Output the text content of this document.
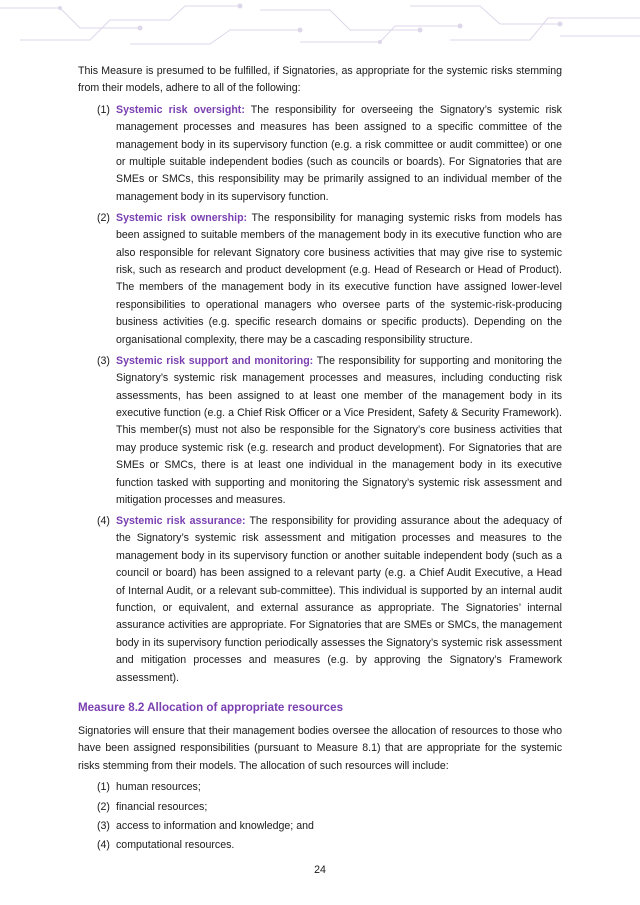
This Measure is presumed to be fulfilled, if Signatories, as appropriate for the systemic risks stemming from their models, adhere to all of the following:

(1) Systemic risk oversight: The responsibility for overseeing the Signatory’s systemic risk management processes and measures has been assigned to a specific committee of the management body in its supervisory function (e.g. a risk committee or audit committee) or one or multiple suitable independent bodies (such as councils or boards). For Signatories that are SMEs or SMCs, this responsibility may be primarily assigned to an individual member of the management body in its supervisory function.

(2) Systemic risk ownership: The responsibility for managing systemic risks from models has been assigned to suitable members of the management body in its executive function who are also responsible for relevant Signatory core business activities that may give rise to systemic risk, such as research and product development (e.g. Head of Research or Head of Product). The members of the management body in its executive function have assigned lower-level responsibilities to operational managers who oversee parts of the systemic-risk-producing business activities (e.g. specific research domains or specific products). Depending on the organisational complexity, there may be a cascading responsibility structure.

(3) Systemic risk support and monitoring: The responsibility for supporting and monitoring the Signatory’s systemic risk management processes and measures, including conducting risk assessments, has been assigned to at least one member of the management body in its executive function (e.g. a Chief Risk Officer or a Vice President, Safety & Security Framework). This member(s) must not also be responsible for the Signatory’s core business activities that may produce systemic risk (e.g. research and product development). For Signatories that are SMEs or SMCs, there is at least one individual in the management body in its executive function tasked with supporting and monitoring the Signatory’s systemic risk assessment and mitigation processes and measures.

(4) Systemic risk assurance: The responsibility for providing assurance about the adequacy of the Signatory’s systemic risk assessment and mitigation processes and measures to the management body in its supervisory function or another suitable independent body (such as a council or board) has been assigned to a relevant party (e.g. a Chief Audit Executive, a Head of Internal Audit, or a relevant sub-committee). This individual is supported by an internal audit function, or equivalent, and external assurance as appropriate. The Signatories’ internal assurance activities are appropriate. For Signatories that are SMEs or SMCs, the management body in its supervisory function periodically assesses the Signatory’s systemic risk assessment and mitigation processes and measures (e.g. by approving the Signatory’s Framework assessment).

Measure 8.2 Allocation of appropriate resources

Signatories will ensure that their management bodies oversee the allocation of resources to those who have been assigned responsibilities (pursuant to Measure 8.1) that are appropriate for the systemic risks stemming from their models. The allocation of such resources will include:

(1) human resources;
(2) financial resources;
(3) access to information and knowledge; and
(4) computational resources.
24
